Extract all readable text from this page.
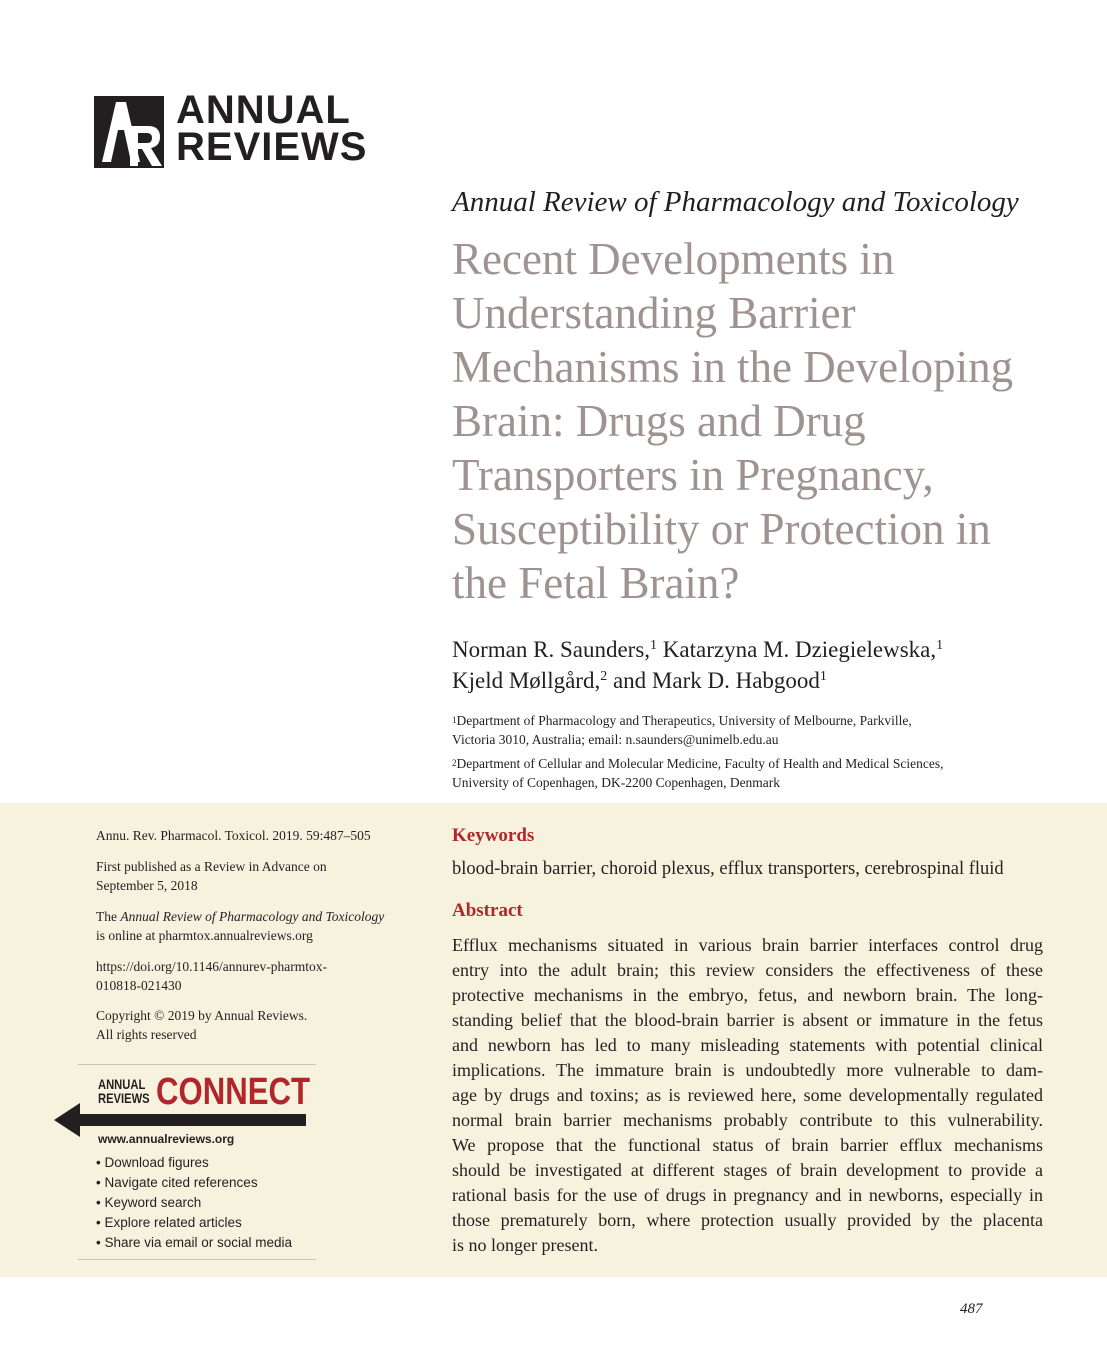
ANNUAL
REVIEWS
Annual Review of Pharmacology and Toxicology
Recent Developments in
Understanding Barrier
Mechanisms in the Developing
Brain: Drugs and Drug
Transporters in Pregnancy,
Susceptibility or Protection in
the Fetal Brain?
Norman R. Saunders,$^1$ Katarzyna M. Dziegielewska,$^1$
Kjeld Møllgård,$^2$ and Mark D. Habgood$^1$
$^1$Department of Pharmacology and Therapeutics, University of Melbourne, Parkville,
Victoria 3010, Australia; email: n.saunders@unimelb.edu.au
$^2$Department of Cellular and Molecular Medicine, Faculty of Health and Medical Sciences,
University of Copenhagen, DK-2200 Copenhagen, Denmark
Annu. Rev. Pharmacol. Toxicol. 2019. 59:487–505
First published as a Review in Advance on
September 5, 2018
The Annual Review of Pharmacology and Toxicology
is online at pharmtox.annualreviews.org
https://doi.org/10.1146/annurev-pharmtox-
010818-021430
Copyright © 2019 by Annual Reviews.
All rights reserved
ANNUAL
REVIEWS CONNECT
www.annualreviews.org
• Download figures
• Navigate cited references
• Keyword search
• Explore related articles
• Share via email or social media
Keywords
blood-brain barrier, choroid plexus, efflux transporters, cerebrospinal fluid
Abstract
Efflux mechanisms situated in various brain barrier interfaces control drug
entry into the adult brain; this review considers the effectiveness of these
protective mechanisms in the embryo, fetus, and newborn brain. The long-
standing belief that the blood-brain barrier is absent or immature in the fetus
and newborn has led to many misleading statements with potential clinical
implications. The immature brain is undoubtedly more vulnerable to dam-
age by drugs and toxins; as is reviewed here, some developmentally regulated
normal brain barrier mechanisms probably contribute to this vulnerability.
We propose that the functional status of brain barrier efflux mechanisms
should be investigated at different stages of brain development to provide a
rational basis for the use of drugs in pregnancy and in newborns, especially in
those prematurely born, where protection usually provided by the placenta
is no longer present.
487
